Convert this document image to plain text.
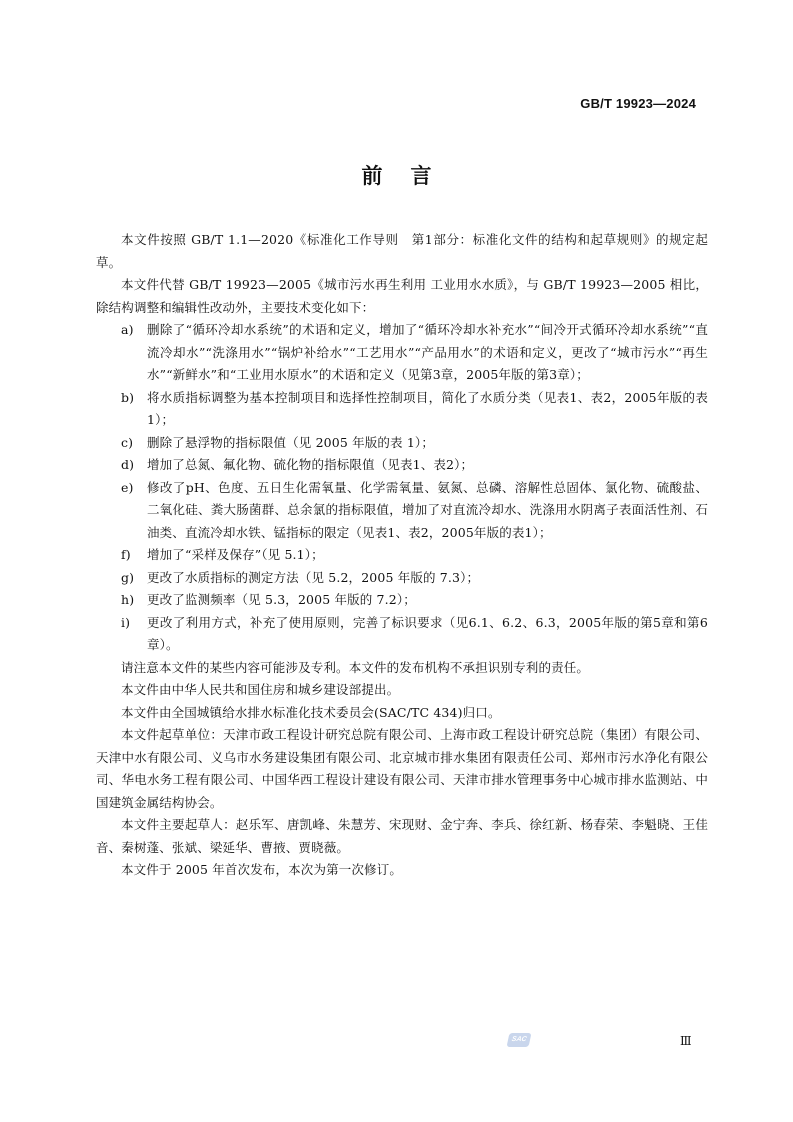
GB/T 19923—2024
前言

本文件按照 GB/T 1.1—2020《标准化工作导则　第1部分：标准化文件的结构和起草规则》的规定起草。

本文件代替 GB/T 19923—2005《城市污水再生利用 工业用水水质》，与 GB/T 19923—2005 相比，除结构调整和编辑性改动外，主要技术变化如下：

a) 删除了“循环冷却水系统”的术语和定义，增加了“循环冷却水补充水”“间冷开式循环冷却水系统”“直流冷却水”“洗涤用水”“锅炉补给水”“工艺用水”“产品用水”的术语和定义，更改了“城市污水”“再生水”“新鲜水”和“工业用水原水”的术语和定义（见第3章，2005年版的第3章）；
b) 将水质指标调整为基本控制项目和选择性控制项目，简化了水质分类（见表1、表2，2005年版的表1）；
c) 删除了悬浮物的指标限值（见 2005 年版的表 1）；
d) 增加了总氮、氟化物、硫化物的指标限值（见表1、表2）；
e) 修改了pH、色度、五日生化需氧量、化学需氧量、氨氮、总磷、溶解性总固体、氯化物、硫酸盐、二氧化硅、粪大肠菌群、总余氯的指标限值，增加了对直流冷却水、洗涤用水阴离子表面活性剂、石油类、直流冷却水铁、锰指标的限定（见表1、表2，2005年版的表1）；
f) 增加了“采样及保存”（见 5.1）；
g) 更改了水质指标的测定方法（见 5.2，2005 年版的 7.3）；
h) 更改了监测频率（见 5.3，2005 年版的 7.2）；
i) 更改了利用方式，补充了使用原则，完善了标识要求（见6.1、6.2、6.3，2005年版的第5章和第6章）。

请注意本文件的某些内容可能涉及专利。本文件的发布机构不承担识别专利的责任。

本文件由中华人民共和国住房和城乡建设部提出。

本文件由全国城镇给水排水标准化技术委员会(SAC/TC 434)归口。

本文件起草单位：天津市政工程设计研究总院有限公司、上海市政工程设计研究总院（集团）有限公司、天津中水有限公司、义乌市水务建设集团有限公司、北京城市排水集团有限责任公司、郑州市污水净化有限公司、华电水务工程有限公司、中国华西工程设计建设有限公司、天津市排水管理事务中心城市排水监测站、中国建筑金属结构协会。

本文件主要起草人：赵乐军、唐凯峰、朱慧芳、宋现财、金宁奔、李兵、徐红新、杨春荣、李魁晓、王佳音、秦树蓬、张斌、梁延华、曹掖、贾晓薇。

本文件于 2005 年首次发布，本次为第一次修订。

SAC	Ⅲ
